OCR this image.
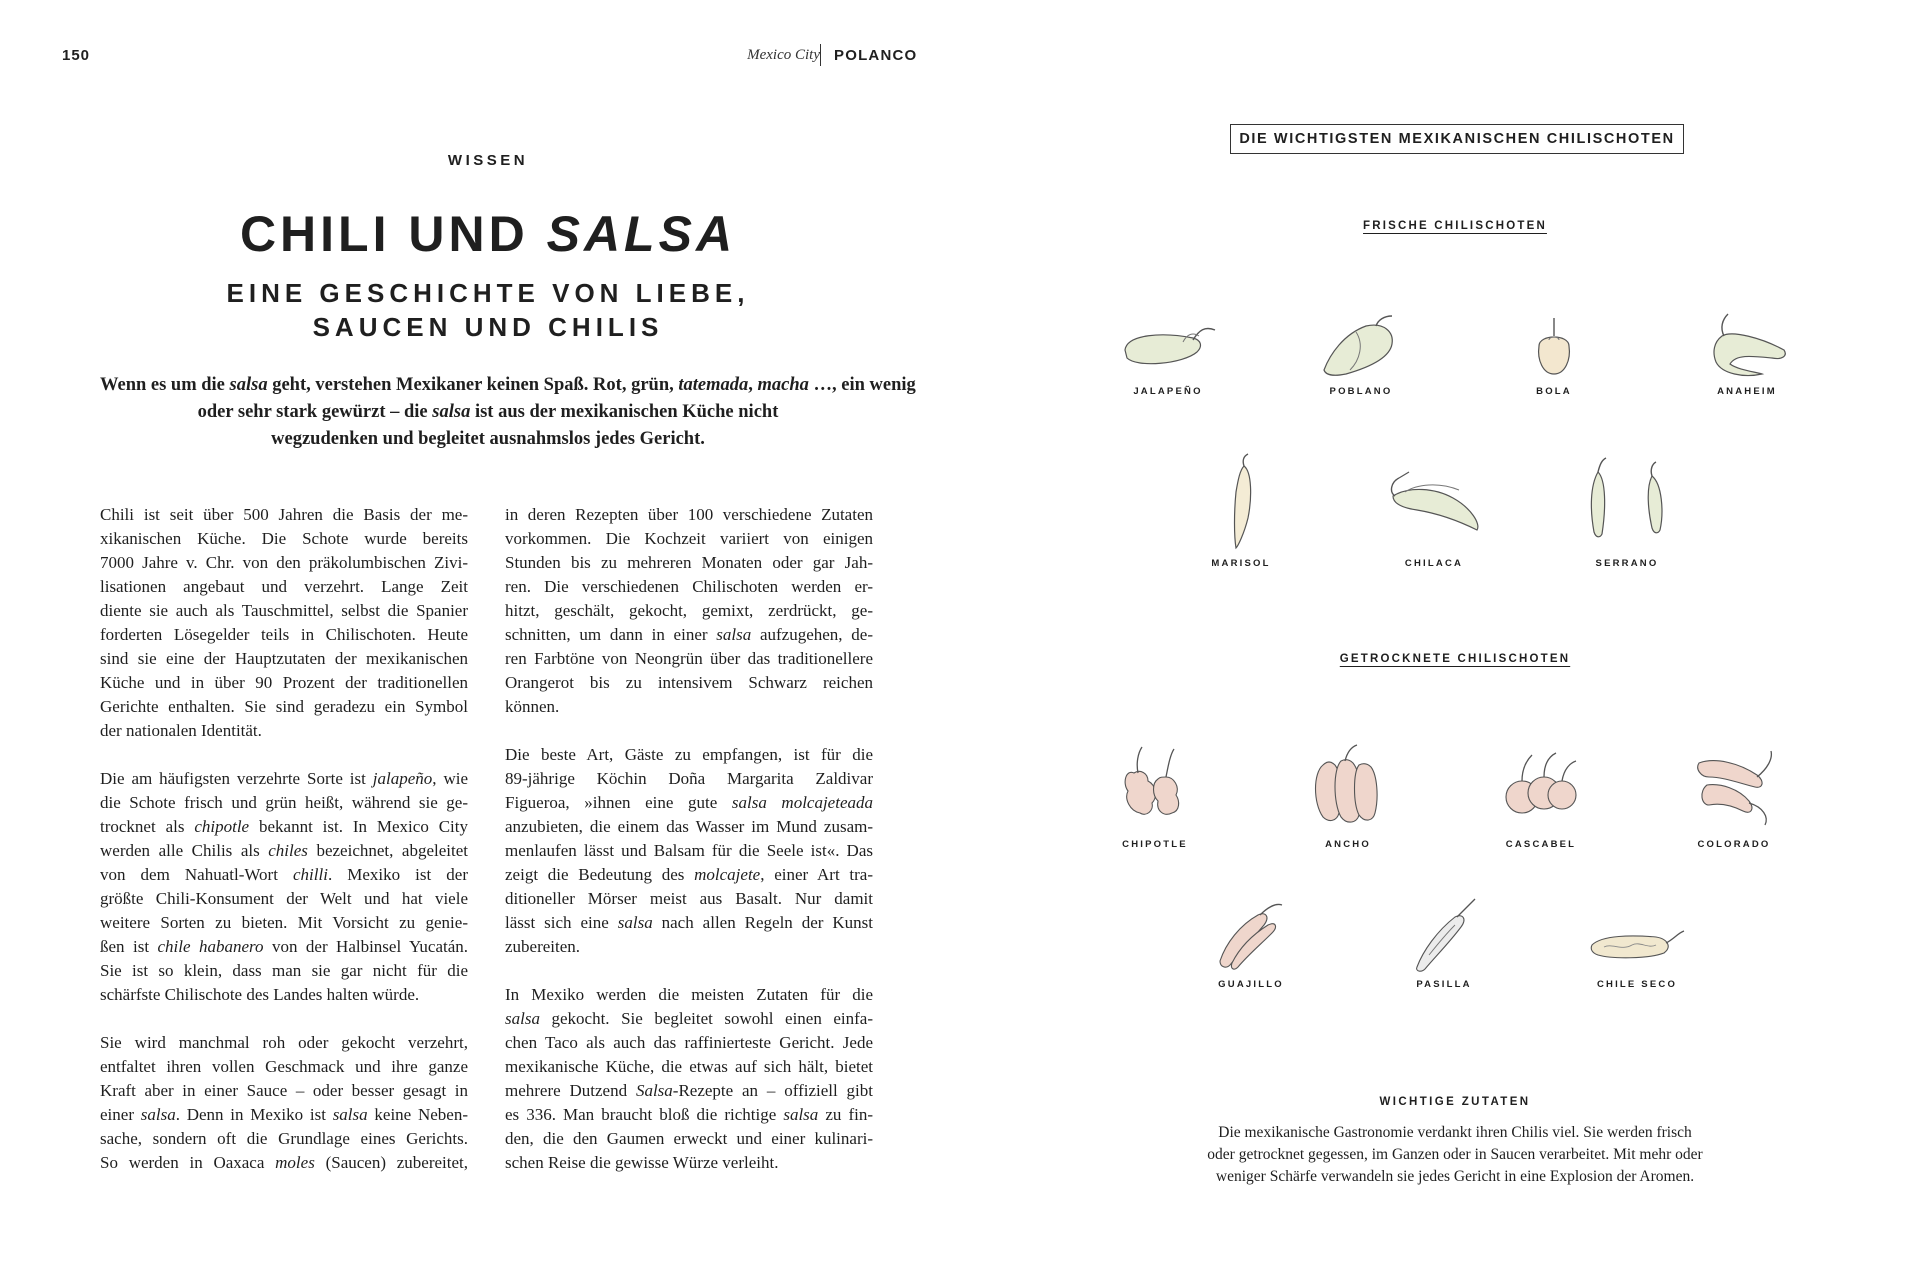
150	Mexico City POLANCO
WISSEN
CHILI UND SALSA
EINE GESCHICHTE VON LIEBE,
SAUCEN UND CHILIS
Wenn es um die salsa geht, verstehen Mexikaner keinen Spaß. Rot, grün, tatemada, macha …, ein wenig
oder sehr stark gewürzt – die salsa ist aus der mexikanischen Küche nicht
wegzudenken und begleitet ausnahmslos jedes Gericht.

Chili ist seit über 500 Jahren die Basis der me-
xikanischen Küche. Die Schote wurde bereits
7000 Jahre v. Chr. von den präkolumbischen Zivi-
lisationen angebaut und verzehrt. Lange Zeit
diente sie auch als Tauschmittel, selbst die Spanier
forderten Lösegelder teils in Chilischoten. Heute
sind sie eine der Hauptzutaten der mexikanischen
Küche und in über 90 Prozent der traditionellen
Gerichte enthalten. Sie sind geradezu ein Symbol
der nationalen Identität.

Die am häufigsten verzehrte Sorte ist jalapeño, wie
die Schote frisch und grün heißt, während sie ge-
trocknet als chipotle bekannt ist. In Mexico City
werden alle Chilis als chiles bezeichnet, abgeleitet
von dem Nahuatl-Wort chilli. Mexiko ist der
größte Chili-Konsument der Welt und hat viele
weitere Sorten zu bieten. Mit Vorsicht zu genie-
ßen ist chile habanero von der Halbinsel Yucatán.
Sie ist so klein, dass man sie gar nicht für die
schärfste Chilischote des Landes halten würde.

Sie wird manchmal roh oder gekocht verzehrt,
entfaltet ihren vollen Geschmack und ihre ganze
Kraft aber in einer Sauce – oder besser gesagt in
einer salsa. Denn in Mexiko ist salsa keine Neben-
sache, sondern oft die Grundlage eines Gerichts.
So werden in Oaxaca moles (Saucen) zubereitet,

in deren Rezepten über 100 verschiedene Zutaten
vorkommen. Die Kochzeit variiert von einigen
Stunden bis zu mehreren Monaten oder gar Jah-
ren. Die verschiedenen Chilischoten werden er-
hitzt, geschält, gekocht, gemixt, zerdrückt, ge-
schnitten, um dann in einer salsa aufzugehen, de-
ren Farbtöne von Neongrün über das traditionellere
Orangerot bis zu intensivem Schwarz reichen
können.

Die beste Art, Gäste zu empfangen, ist für die
89-jährige Köchin Doña Margarita Zaldivar
Figueroa, »ihnen eine gute salsa molcajeteada
anzubieten, die einem das Wasser im Mund zusam-
menlaufen lässt und Balsam für die Seele ist«. Das
zeigt die Bedeutung des molcajete, einer Art tra-
ditioneller Mörser meist aus Basalt. Nur damit
lässt sich eine salsa nach allen Regeln der Kunst
zubereiten.

In Mexiko werden die meisten Zutaten für die
salsa gekocht. Sie begleitet sowohl einen einfa-
chen Taco als auch das raffinierteste Gericht. Jede
mexikanische Küche, die etwas auf sich hält, bietet
mehrere Dutzend Salsa-Rezepte an – offiziell gibt
es 336. Man braucht bloß die richtige salsa zu fin-
den, die den Gaumen erweckt und einer kulinari-
schen Reise die gewisse Würze verleiht.

DIE WICHTIGSTEN MEXIKANISCHEN CHILISCHOTEN
FRISCHE CHILISCHOTEN
JALAPEÑO	POBLANO	BOLA	ANAHEIM
MARISOL	CHILACA	SERRANO
GETROCKNETE CHILISCHOTEN
CHIPOTLE	ANCHO	CASCABEL	COLORADO
GUAJILLO	PASILLA	CHILE SECO
WICHTIGE ZUTATEN
Die mexikanische Gastronomie verdankt ihren Chilis viel. Sie werden frisch
oder getrocknet gegessen, im Ganzen oder in Saucen verarbeitet. Mit mehr oder
weniger Schärfe verwandeln sie jedes Gericht in eine Explosion der Aromen.
